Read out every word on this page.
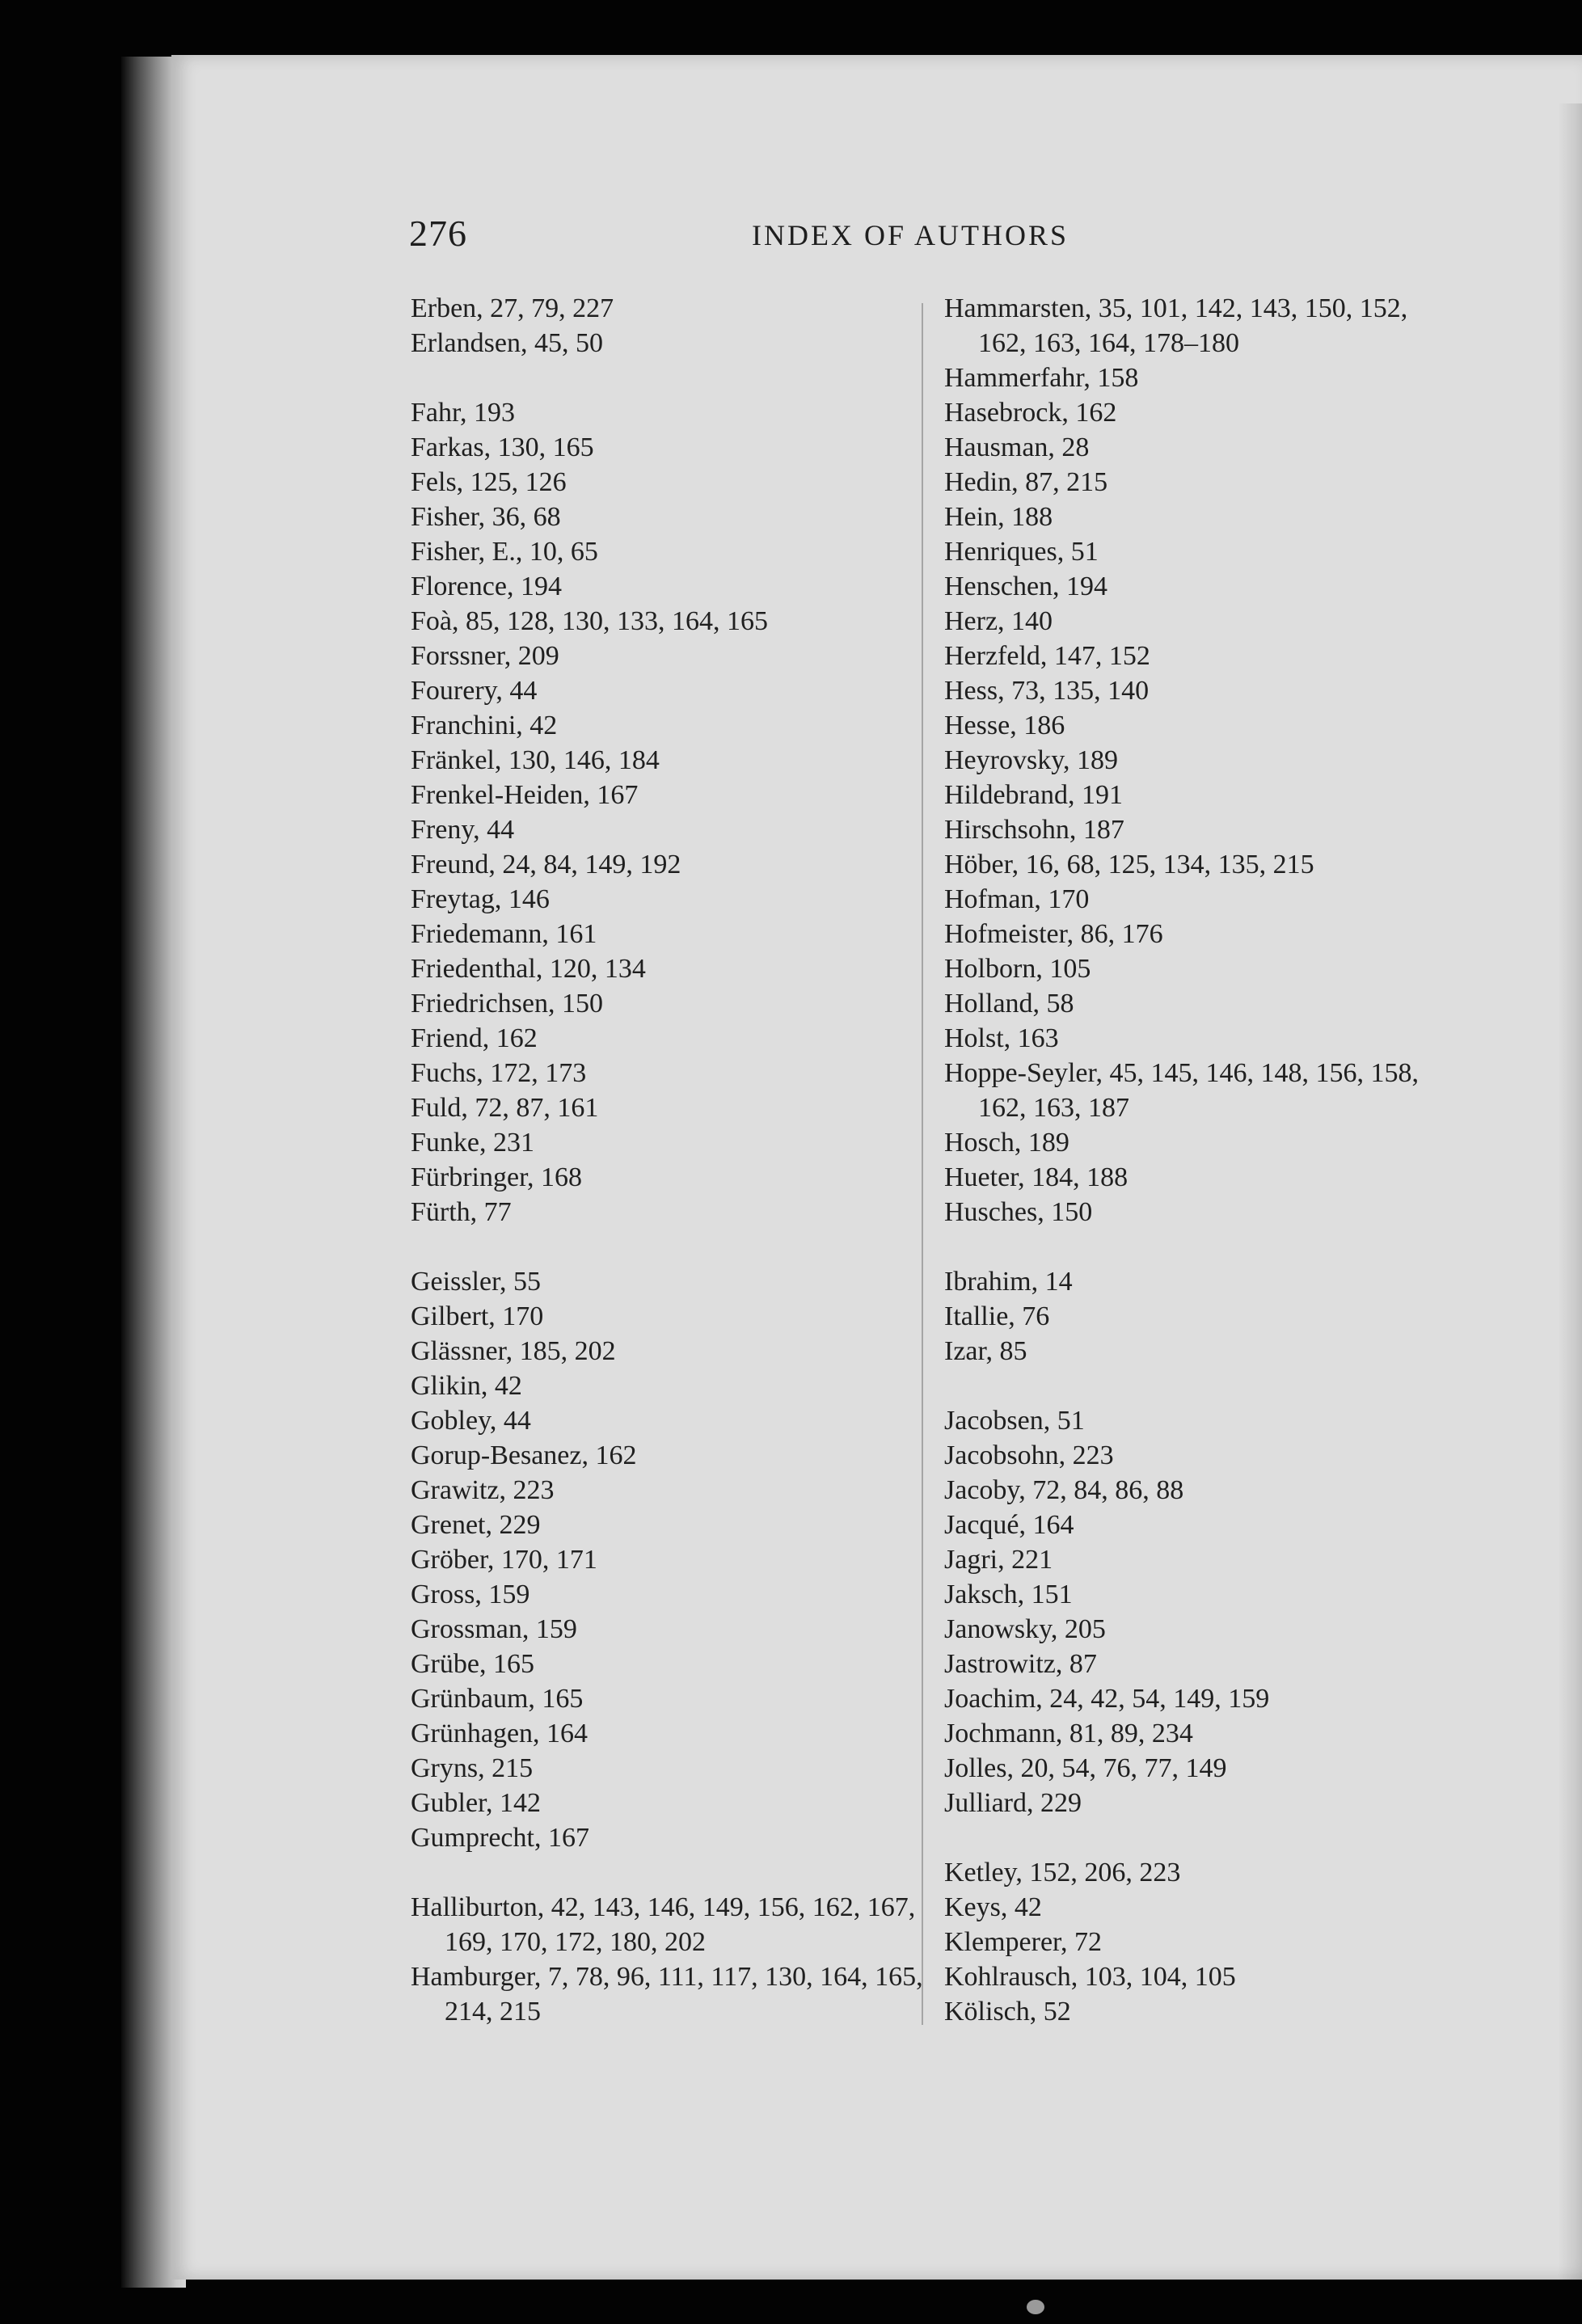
276	INDEX OF AUTHORS

Erben, 27, 79, 227
Erlandsen, 45, 50
Fahr, 193
Farkas, 130, 165
Fels, 125, 126
Fisher, 36, 68
Fisher, E., 10, 65
Florence, 194
Foà, 85, 128, 130, 133, 164, 165
Forssner, 209
Fourery, 44
Franchini, 42
Fränkel, 130, 146, 184
Frenkel-Heiden, 167
Freny, 44
Freund, 24, 84, 149, 192
Freytag, 146
Friedemann, 161
Friedenthal, 120, 134
Friedrichsen, 150
Friend, 162
Fuchs, 172, 173
Fuld, 72, 87, 161
Funke, 231
Fürbringer, 168
Fürth, 77
Geissler, 55
Gilbert, 170
Glässner, 185, 202
Glikin, 42
Gobley, 44
Gorup-Besanez, 162
Grawitz, 223
Grenet, 229
Gröber, 170, 171
Gross, 159
Grossman, 159
Grübe, 165
Grünbaum, 165
Grünhagen, 164
Gryns, 215
Gubler, 142
Gumprecht, 167
Halliburton, 42, 143, 146, 149, 156, 162, 167, 169, 170, 172, 180, 202
Hamburger, 7, 78, 96, 111, 117, 130, 164, 165, 214, 215
Hammarsten, 35, 101, 142, 143, 150, 152, 162, 163, 164, 178–180
Hammerfahr, 158
Hasebrock, 162
Hausman, 28
Hedin, 87, 215
Hein, 188
Henriques, 51
Henschen, 194
Herz, 140
Herzfeld, 147, 152
Hess, 73, 135, 140
Hesse, 186
Heyrovsky, 189
Hildebrand, 191
Hirschsohn, 187
Höber, 16, 68, 125, 134, 135, 215
Hofman, 170
Hofmeister, 86, 176
Holborn, 105
Holland, 58
Holst, 163
Hoppe-Seyler, 45, 145, 146, 148, 156, 158, 162, 163, 187
Hosch, 189
Hueter, 184, 188
Husches, 150
Ibrahim, 14
Itallie, 76
Izar, 85
Jacobsen, 51
Jacobsohn, 223
Jacoby, 72, 84, 86, 88
Jacqué, 164
Jagri, 221
Jaksch, 151
Janowsky, 205
Jastrowitz, 87
Joachim, 24, 42, 54, 149, 159
Jochmann, 81, 89, 234
Jolles, 20, 54, 76, 77, 149
Julliard, 229
Ketley, 152, 206, 223
Keys, 42
Klemperer, 72
Kohlrausch, 103, 104, 105
Kölisch, 52
